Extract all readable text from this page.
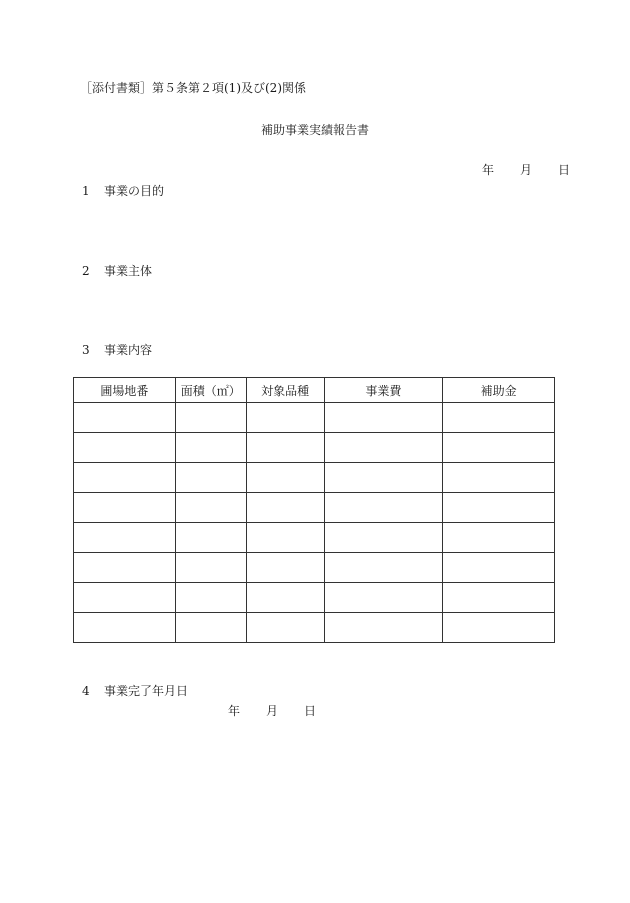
［添付書類］第５条第２項(1)及び(2)関係
補助事業実績報告書
年 月 日
1 事業の目的
2 事業主体
3 事業内容
圃場地番	面積（㎡）	対象品種	事業費	補助金

4 事業完了年月日
年 月 日
